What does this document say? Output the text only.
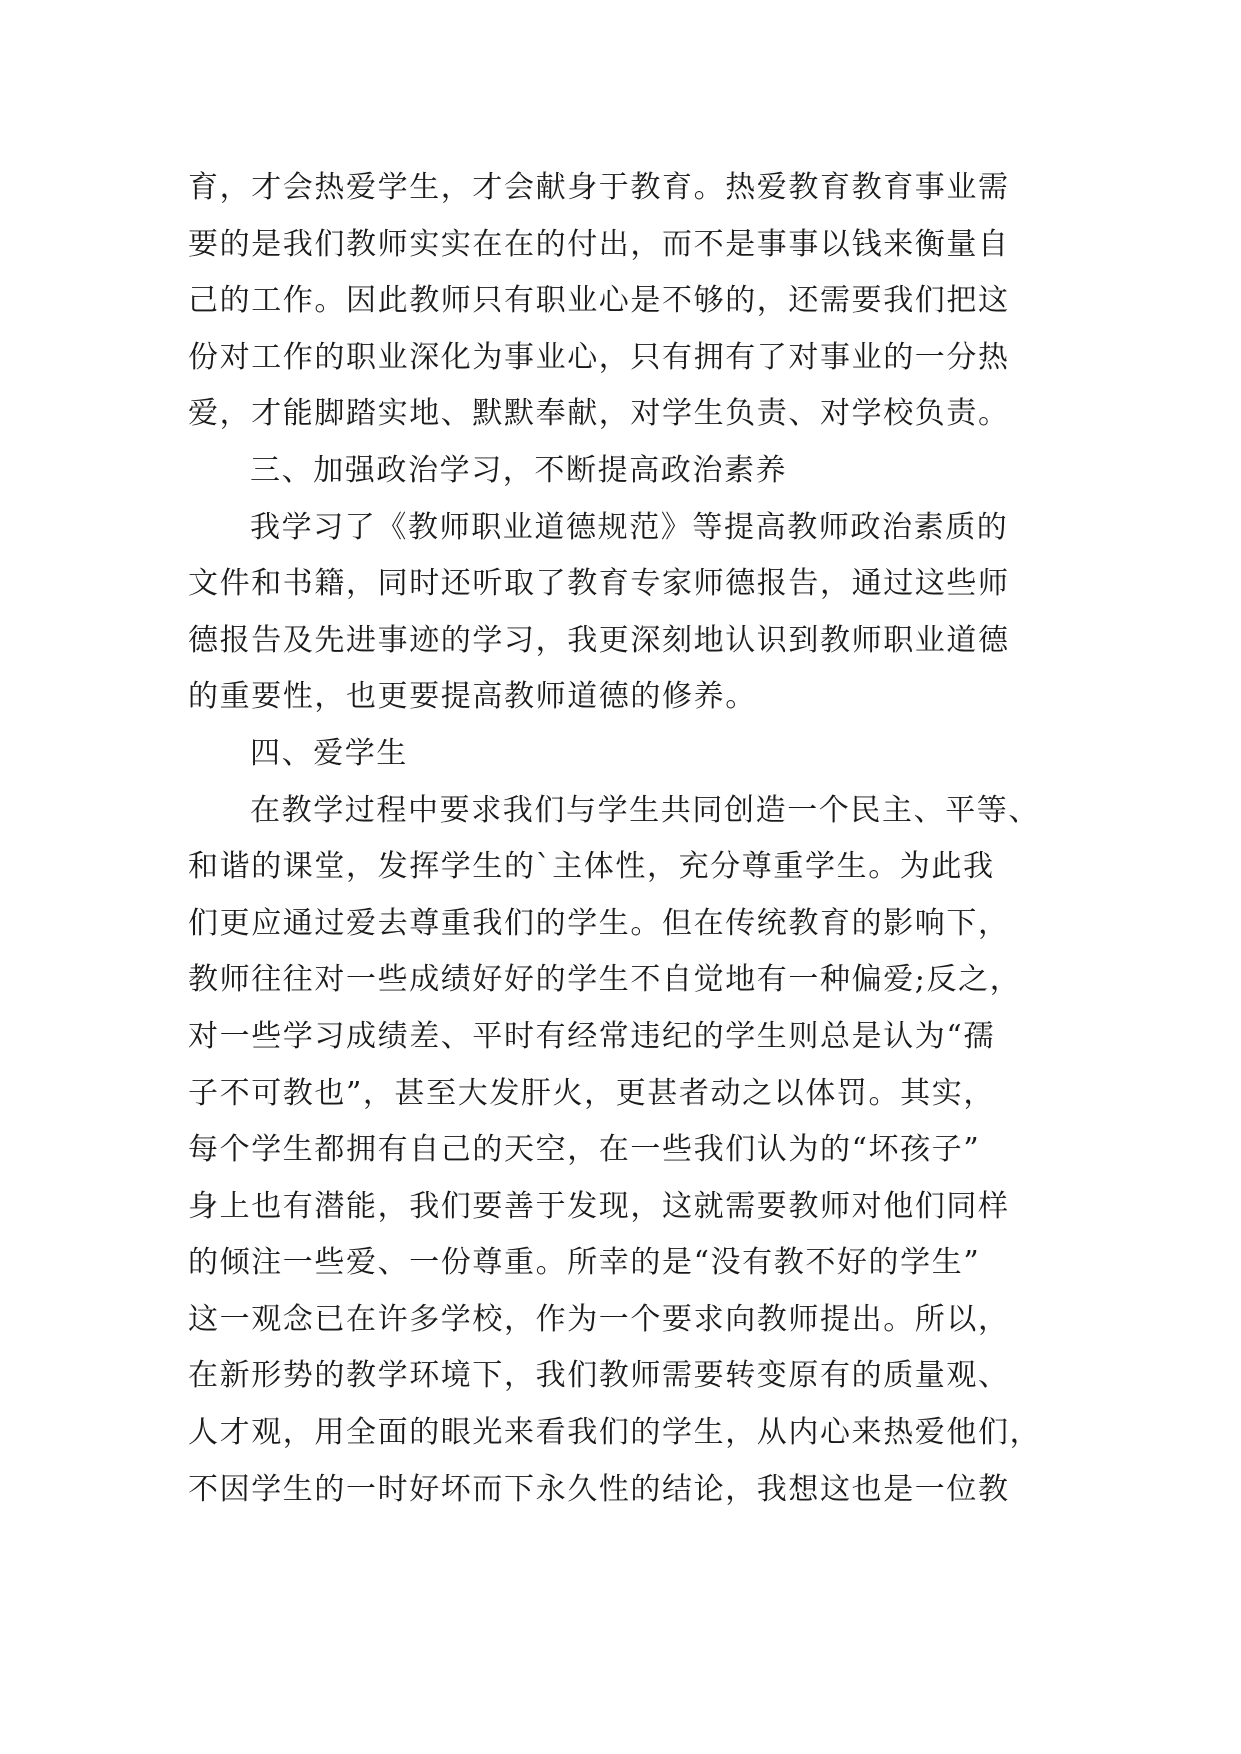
育，才会热爱学生，才会献身于教育。热爱教育教育事业需
要的是我们教师实实在在的付出，而不是事事以钱来衡量自
己的工作。因此教师只有职业心是不够的，还需要我们把这
份对工作的职业深化为事业心，只有拥有了对事业的一分热
爱，才能脚踏实地、默默奉献，对学生负责、对学校负责。
三、加强政治学习，不断提高政治素养
我学习了《教师职业道德规范》等提高教师政治素质的
文件和书籍，同时还听取了教育专家师德报告，通过这些师
德报告及先进事迹的学习，我更深刻地认识到教师职业道德
的重要性，也更要提高教师道德的修养。
四、爱学生
在教学过程中要求我们与学生共同创造一个民主、平等、
和谐的课堂，发挥学生的`主体性，充分尊重学生。为此我
们更应通过爱去尊重我们的学生。但在传统教育的影响下，
教师往往对一些成绩好好的学生不自觉地有一种偏爱;反之，
对一些学习成绩差、平时有经常违纪的学生则总是认为“孺
子不可教也”，甚至大发肝火，更甚者动之以体罚。其实，
每个学生都拥有自己的天空，在一些我们认为的“坏孩子”
身上也有潜能，我们要善于发现，这就需要教师对他们同样
的倾注一些爱、一份尊重。所幸的是“没有教不好的学生”
这一观念已在许多学校，作为一个要求向教师提出。所以，
在新形势的教学环境下，我们教师需要转变原有的质量观、
人才观，用全面的眼光来看我们的学生，从内心来热爱他们，
不因学生的一时好坏而下永久性的结论，我想这也是一位教
